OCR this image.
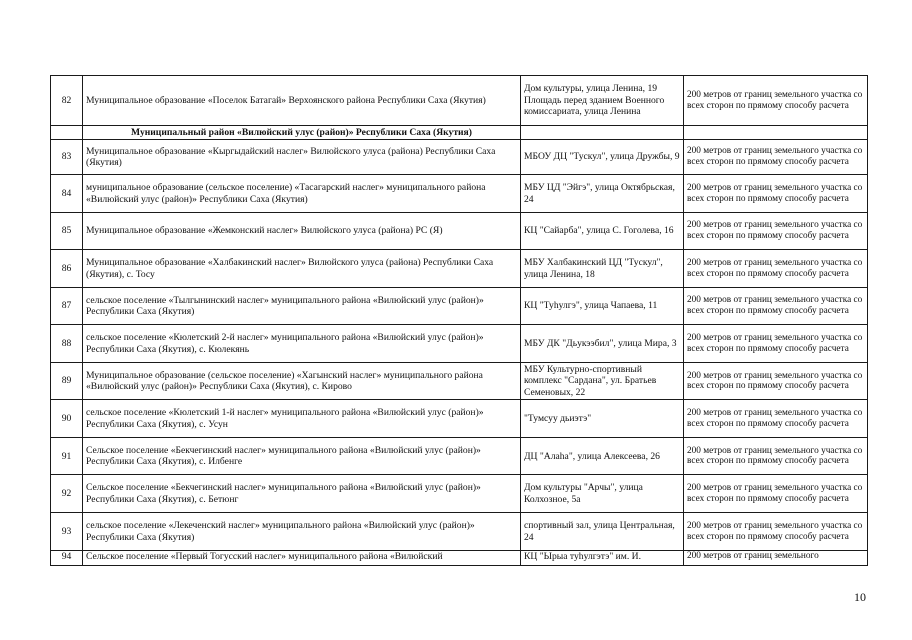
82	Муниципальное образование «Поселок Батагай» Верхоянского района Республики Саха (Якутия)	Дом культуры, улица Ленина, 19 Площадь перед зданием Военного комиссариата, улица Ленина	200 метров от границ земельного участка со всех сторон по прямому способу расчета
	Муниципальный район «Вилюйский улус (район)» Республики Саха (Якутия)		
83	Муниципальное образование «Кыргыдайский наслег» Вилюйского улуса (района) Республики Саха (Якутия)	МБОУ ДЦ "Тускул", улица Дружбы, 9	200 метров от границ земельного участка со всех сторон по прямому способу расчета
84	муниципальное образование (сельское поселение) «Тасагарский наслег» муниципального района «Вилюйский улус (район)» Республики Саха (Якутия)	МБУ ЦД "Эйгэ", улица Октябрьская, 24	200 метров от границ земельного участка со всех сторон по прямому способу расчета
85	Муниципальное образование «Жемконский наслег» Вилюйского улуса (района) РС (Я)	КЦ "Сайарба", улица С. Гоголева, 16	200 метров от границ земельного участка со всех сторон по прямому способу расчета
86	Муниципальное образование «Халбакинский наслег» Вилюйского улуса (района) Республики Саха (Якутия), с. Тосу	МБУ Халбакинский ЦД "Тускул", улица Ленина, 18	200 метров от границ земельного участка со всех сторон по прямому способу расчета
87	сельское поселение «Тылгынинский наслег» муниципального района «Вилюйский улус (район)» Республики Саха (Якутия)	КЦ "Туhулгэ", улица Чапаева, 11	200 метров от границ земельного участка со всех сторон по прямому способу расчета
88	сельское поселение «Кюлетский 2-й наслег» муниципального района «Вилюйский улус (район)» Республики Саха (Якутия), с. Кюлекянь	МБУ ДК "Дьукээбил", улица Мира, 3	200 метров от границ земельного участка со всех сторон по прямому способу расчета
89	Муниципальное образование (сельское поселение) «Хагынский наслег» муниципального района «Вилюйский улус (район)» Республики Саха (Якутия), с. Кирово	МБУ Культурно-спортивный комплекс "Сардана", ул. Братьев Семеновых, 22	200 метров от границ земельного участка со всех сторон по прямому способу расчета
90	сельское поселение «Кюлетский 1-й наслег» муниципального района «Вилюйский улус (район)» Республики Саха (Якутия), с. Усун	"Тумсуу дьиэтэ"	200 метров от границ земельного участка со всех сторон по прямому способу расчета
91	Сельское поселение «Бекчегинский наслег» муниципального района «Вилюйский улус (район)» Республики Саха (Якутия), с. Илбенге	ДЦ "Алаhа", улица Алексеева, 26	200 метров от границ земельного участка со всех сторон по прямому способу расчета
92	Сельское поселение «Бекчегинский наслег» муниципального района «Вилюйский улус (район)» Республики Саха (Якутия), с. Бетюнг	Дом культуры "Арчы", улица Колхозное, 5а	200 метров от границ земельного участка со всех сторон по прямому способу расчета
93	сельское поселение «Лекеченский наслег» муниципального района «Вилюйский улус (район)» Республики Саха (Якутия)	спортивный зал, улица Центральная, 24	200 метров от границ земельного участка со всех сторон по прямому способу расчета
94	Сельское поселение «Первый Тогусский наслег» муниципального района «Вилюйский	КЦ "Ырыа туhулгэтэ" им. И.	200 метров от границ земельного
10
